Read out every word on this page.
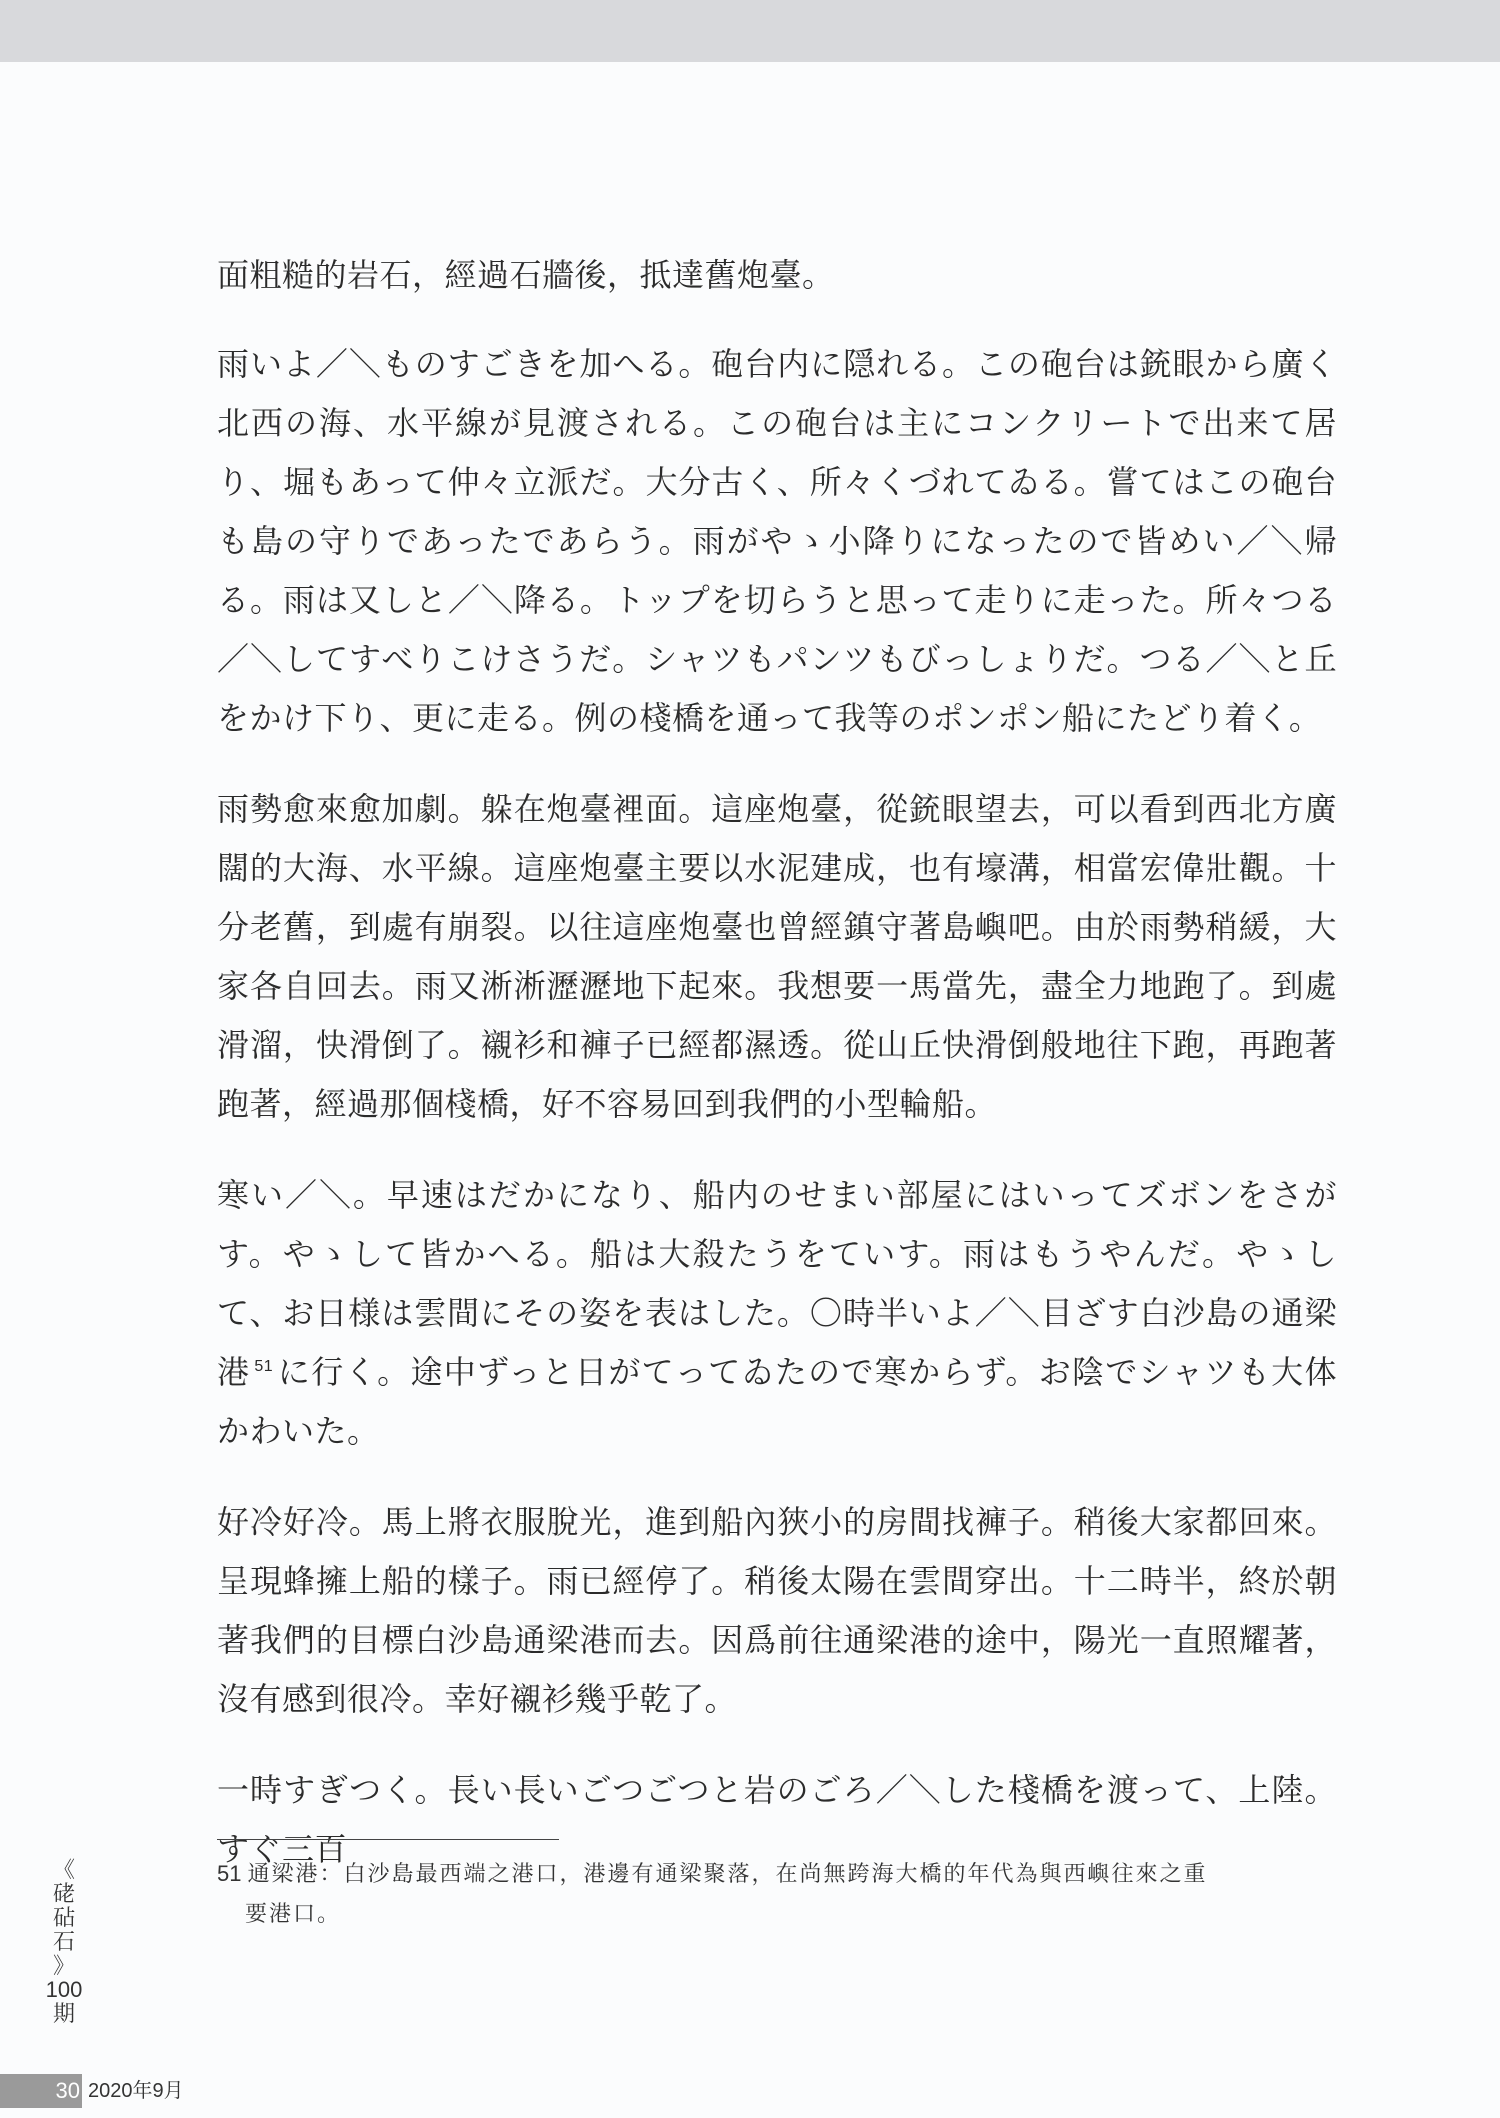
面粗糙的岩石，經過石牆後，抵達舊炮臺。

雨いよ／＼ものすごきを加へる。砲台内に隠れる。この砲台は銃眼から廣く北西の海、水平線が見渡される。この砲台は主にコンクリートで出来て居り、堀もあって仲々立派だ。大分古く、所々くづれてゐる。嘗てはこの砲台も島の守りであったであらう。雨がやゝ小降りになったので皆めい／＼帰る。雨は又しと／＼降る。トップを切らうと思って走りに走った。所々つる／＼してすべりこけさうだ。シャツもパンツもびっしょりだ。つる／＼と丘をかけ下り、更に走る。例の棧橋を通って我等のポンポン船にたどり着く。

雨勢愈來愈加劇。躲在炮臺裡面。這座炮臺，從銃眼望去，可以看到西北方廣闊的大海、水平線。這座炮臺主要以水泥建成，也有壕溝，相當宏偉壯觀。十分老舊，到處有崩裂。以往這座炮臺也曾經鎮守著島嶼吧。由於雨勢稍緩，大家各自回去。雨又淅淅瀝瀝地下起來。我想要一馬當先，盡全力地跑了。到處滑溜，快滑倒了。襯衫和褲子已經都濕透。從山丘快滑倒般地往下跑，再跑著跑著，經過那個棧橋，好不容易回到我們的小型輪船。

寒い／＼。早速はだかになり、船内のせまい部屋にはいってズボンをさがす。やゝして皆かへる。船は大殺たうをていす。雨はもうやんだ。やゝして、お日様は雲間にその姿を表はした。〇時半いよ／＼目ざす白沙島の通梁港 $^{51}$ に行く。途中ずっと日がてってゐたので寒からず。お陰でシャツも大体かわいた。

好冷好冷。馬上將衣服脫光，進到船內狹小的房間找褲子。稍後大家都回來。呈現蜂擁上船的樣子。雨已經停了。稍後太陽在雲間穿出。十二時半，終於朝著我們的目標白沙島通梁港而去。因爲前往通梁港的途中，陽光一直照耀著，沒有感到很冷。幸好襯衫幾乎乾了。

一時すぎつく。長い長いごつごつと岩のごろ／＼した棧橋を渡って、上陸。すぐ三百

51 通梁港：白沙島最西端之港口，港邊有通梁聚落，在尚無跨海大橋的年代為與西嶼往來之重
要港口。
《
硓
砧
石
》
100
期
30 2020年9月
